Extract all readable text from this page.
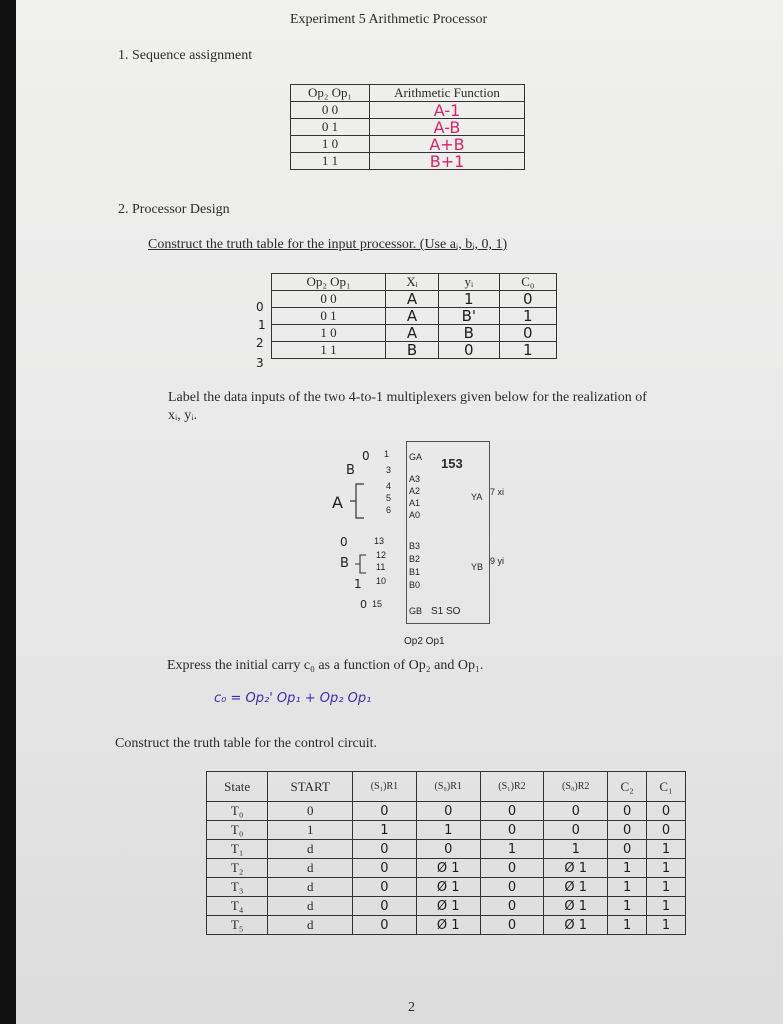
Experiment 5 Arithmetic Processor
1. Sequence assignment
Op₂ Op₁	Arithmetic Function
0 0	A-1
0 1	A-B
1 0	A+B
1 1	B+1
2. Processor Design
Construct the truth table for the input processor. (Use aᵢ, bᵢ, 0, 1)
0
1
2
3
Op₂ Op₁	Xᵢ	yᵢ	C₀
0 0	A	1	0
0 1	A	B'	1
1 0	A	B	0
1 1	B	0	1
Label the data inputs of the two 4-to-1 multiplexers given below for the realization of xᵢ, yᵢ.
153
GA
A3
A2
A1
A0
B3
B2
B1
B0
GB S1 SO
YA
YB
7 xi
9 yi
Op2 Op1
1
3
4
5
6
13
12
11
10
15
0
B
A
0
B
1
0
Express the initial carry c₀ as a function of Op₂ and Op₁.
c₀ = Op₂' Op₁ + Op₂ Op₁
Construct the truth table for the control circuit.
State	START	(S₁)R1	(S₀)R1	(S₁)R2	(S₀)R2	C₂	C₁
T₀	0	0	0	0	0	0	0
T₀	1	1	1	0	0	0	0
T₁	d	0	0	1	1	0	1
T₂	d	0	Ø 1	0	Ø 1	1	1
T₃	d	0	Ø 1	0	Ø 1	1	1
T₄	d	0	Ø 1	0	Ø 1	1	1
T₅	d	0	Ø 1	0	Ø 1	1	1
2
